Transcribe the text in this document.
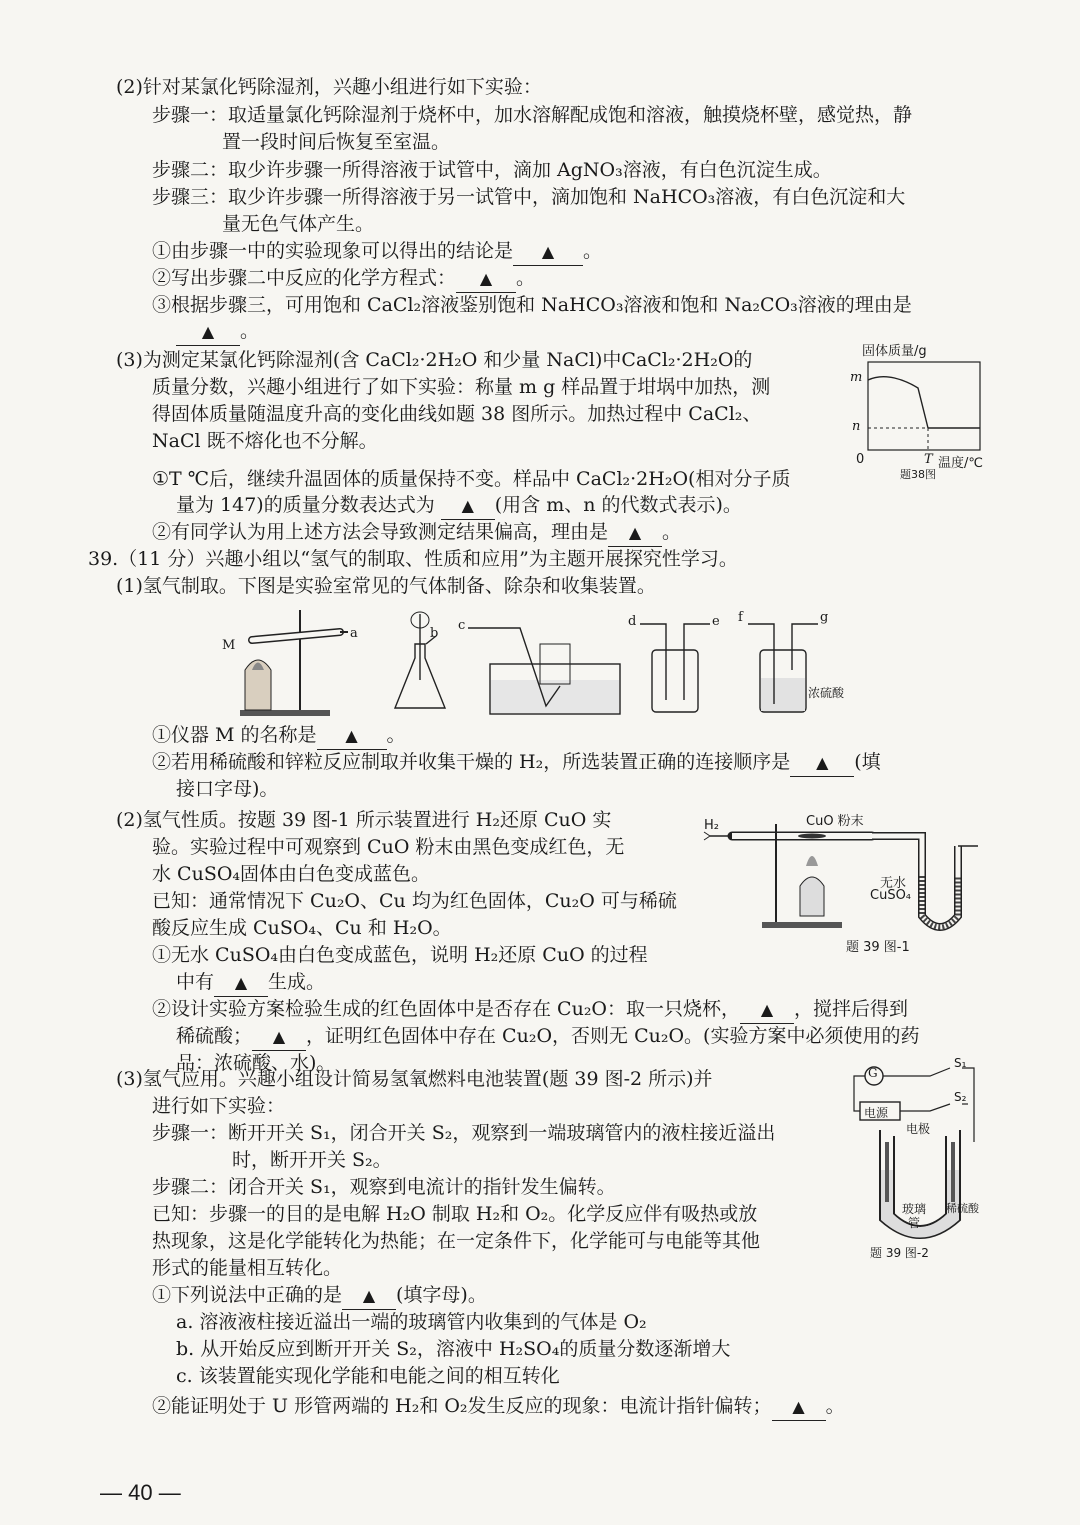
(2)针对某氯化钙除湿剂，兴趣小组进行如下实验：
步骤一：取适量氯化钙除湿剂于烧杯中，加水溶解配成饱和溶液，触摸烧杯壁，感觉热，静
置一段时间后恢复至室温。
步骤二：取少许步骤一所得溶液于试管中，滴加 AgNO₃溶液，有白色沉淀生成。
步骤三：取少许步骤一所得溶液于另一试管中，滴加饱和 NaHCO₃溶液，有白色沉淀和大
量无色气体产生。
①由步骤一中的实验现象可以得出的结论是 ▲ 。
②写出步骤二中反应的化学方程式： ▲ 。
③根据步骤三，可用饱和 CaCl₂溶液鉴别饱和 NaHCO₃溶液和饱和 Na₂CO₃溶液的理由是
▲ 。
(3)为测定某氯化钙除湿剂(含 CaCl₂·2H₂O 和少量 NaCl)中CaCl₂·2H₂O的
质量分数，兴趣小组进行了如下实验：称量 m g 样品置于坩埚中加热，测
得固体质量随温度升高的变化曲线如题 38 图所示。加热过程中 CaCl₂、
NaCl 既不熔化也不分解。
①T ℃后，继续升温固体的质量保持不变。样品中 CaCl₂·2H₂O(相对分子质
量为 147)的质量分数表达式为 ▲ (用含 m、n 的代数式表示)。
②有同学认为用上述方法会导致测定结果偏高，理由是 ▲ 。
固体质量/g
m
n
0	T 温度/℃
题38图
39.（11 分）兴趣小组以“氢气的制取、性质和应用”为主题开展探究性学习。
(1)氢气制取。下图是实验室常见的气体制备、除杂和收集装置。
M
a	b
c	d	e f	g
浓硫酸
①仪器 M 的名称是 ▲ 。
②若用稀硫酸和锌粒反应制取并收集干燥的 H₂，所选装置正确的连接顺序是 ▲ (填
接口字母)。
(2)氢气性质。按题 39 图-1 所示装置进行 H₂还原 CuO 实
验。实验过程中可观察到 CuO 粉末由黑色变成红色，无
水 CuSO₄固体由白色变成蓝色。
已知：通常情况下 Cu₂O、Cu 均为红色固体，Cu₂O 可与稀硫
酸反应生成 CuSO₄、Cu 和 H₂O。
①无水 CuSO₄由白色变成蓝色，说明 H₂还原 CuO 的过程
中有 ▲ 生成。
②设计实验方案检验生成的红色固体中是否存在 Cu₂O：取一只烧杯， ▲ ，搅拌后得到
稀硫酸； ▲ ，证明红色固体中存在 Cu₂O，否则无 Cu₂O。(实验方案中必须使用的药
品：浓硫酸、水)。
H₂	CuO 粉末
无水
CuSO₄
题 39 图-1
(3)氢气应用。兴趣小组设计简易氢氧燃料电池装置(题 39 图-2 所示)并
进行如下实验：
步骤一：断开开关 S₁，闭合开关 S₂，观察到一端玻璃管内的液柱接近溢出
时，断开开关 S₂。
步骤二：闭合开关 S₁，观察到电流计的指针发生偏转。
已知：步骤一的目的是电解 H₂O 制取 H₂和 O₂。化学反应伴有吸热或放
热现象，这是化学能转化为热能；在一定条件下，化学能可与电能等其他
形式的能量相互转化。
①下列说法中正确的是 ▲ (填字母)。
a. 溶液液柱接近溢出一端的玻璃管内收集到的气体是 O₂
b. 从开始反应到断开开关 S₂，溶液中 H₂SO₄的质量分数逐渐增大
c. 该装置能实现化学能和电能之间的相互转化
②能证明处于 U 形管两端的 H₂和 O₂发生反应的现象：电流计指针偏转； ▲ 。
G
S₁
S₂
电源
电极
玻璃
管
稀硫酸
题 39 图-2
— 40 —
